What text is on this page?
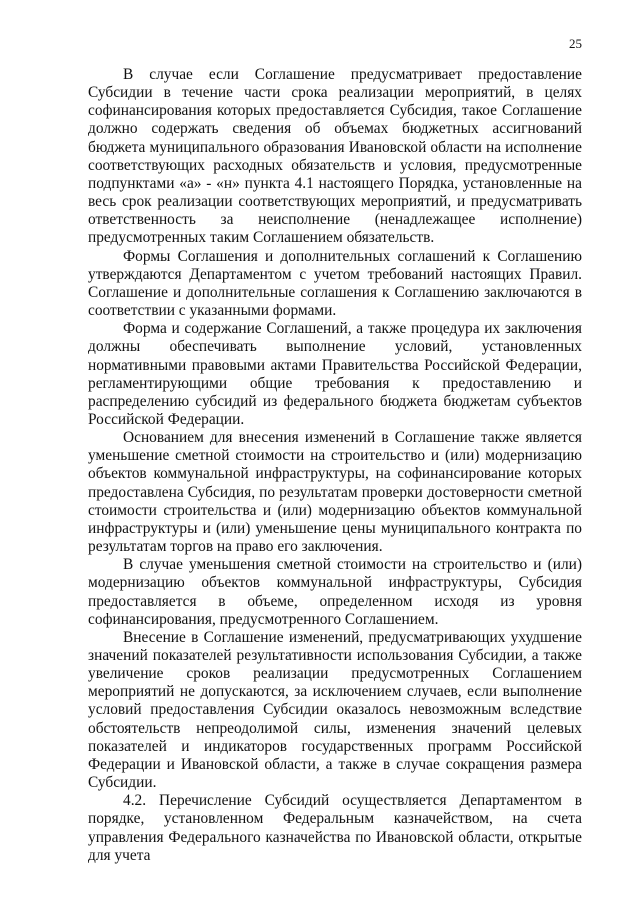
25

В случае если Соглашение предусматривает предоставление Субсидии в течение части срока реализации мероприятий, в целях софинансирования которых предоставляется Субсидия, такое Соглашение должно содержать сведения об объемах бюджетных ассигнований бюджета муниципального образования Ивановской области на исполнение соответствующих расходных обязательств и условия, предусмотренные подпунктами «а» - «н» пункта 4.1 настоящего Порядка, установленные на весь срок реализации соответствующих мероприятий, и предусматривать ответственность за неисполнение (ненадлежащее исполнение) предусмотренных таким Соглашением обязательств.

Формы Соглашения и дополнительных соглашений к Соглашению утверждаются Департаментом с учетом требований настоящих Правил. Соглашение и дополнительные соглашения к Соглашению заключаются в соответствии с указанными формами.

Форма и содержание Соглашений, а также процедура их заключения должны обеспечивать выполнение условий, установленных нормативными правовыми актами Правительства Российской Федерации, регламентирующими общие требования к предоставлению и распределению субсидий из федерального бюджета бюджетам субъектов Российской Федерации.

Основанием для внесения изменений в Соглашение также является уменьшение сметной стоимости на строительство и (или) модернизацию объектов коммунальной инфраструктуры, на софинансирование которых предоставлена Субсидия, по результатам проверки достоверности сметной стоимости строительства и (или) модернизацию объектов коммунальной инфраструктуры и (или) уменьшение цены муниципального контракта по результатам торгов на право его заключения.

В случае уменьшения сметной стоимости на строительство и (или) модернизацию объектов коммунальной инфраструктуры, Субсидия предоставляется в объеме, определенном исходя из уровня софинансирования, предусмотренного Соглашением.

Внесение в Соглашение изменений, предусматривающих ухудшение значений показателей результативности использования Субсидии, а также увеличение сроков реализации предусмотренных Соглашением мероприятий не допускаются, за исключением случаев, если выполнение условий предоставления Субсидии оказалось невозможным вследствие обстоятельств непреодолимой силы, изменения значений целевых показателей и индикаторов государственных программ Российской Федерации и Ивановской области, а также в случае сокращения размера Субсидии.

4.2. Перечисление Субсидий осуществляется Департаментом в порядке, установленном Федеральным казначейством, на счета управления Федерального казначейства по Ивановской области, открытые для учета
